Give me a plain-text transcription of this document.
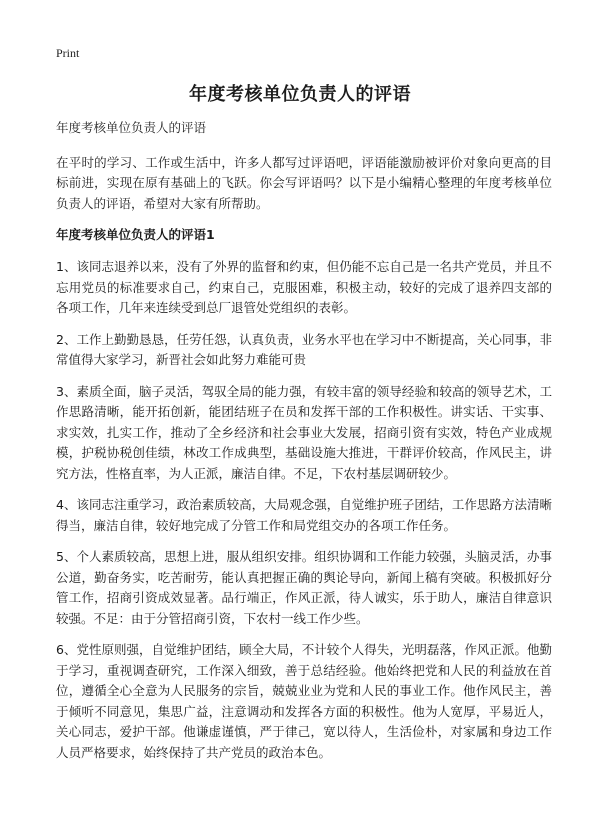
Print
年度考核单位负责人的评语

年度考核单位负责人的评语

在平时的学习、工作或生活中，许多人都写过评语吧，评语能激励被评价对象向更高的目标前进，实现在原有基础上的飞跃。你会写评语吗？以下是小编精心整理的年度考核单位负责人的评语，希望对大家有所帮助。

年度考核单位负责人的评语1

1、该同志退养以来，没有了外界的监督和约束，但仍能不忘自己是一名共产党员，并且不忘用党员的标准要求自己，约束自己，克服困难，积极主动，较好的完成了退养四支部的各项工作，几年来连续受到总厂退管处党组织的表彰。

2、工作上勤勤恳恳，任劳任怨，认真负责，业务水平也在学习中不断提高，关心同事，非常值得大家学习，新晋社会如此努力难能可贵

3、素质全面，脑子灵活，驾驭全局的能力强，有较丰富的领导经验和较高的领导艺术，工作思路清晰，能开拓创新，能团结班子在员和发挥干部的工作积极性。讲实话、干实事、求实效，扎实工作，推动了全乡经济和社会事业大发展，招商引资有实效，特色产业成规模，护税协税创佳绩，林改工作成典型，基础设施大推进，干群评价较高，作风民主，讲究方法，性格直率，为人正派，廉洁自律。不足，下农村基层调研较少。

4、该同志注重学习，政治素质较高，大局观念强，自觉维护班子团结，工作思路方法清晰得当，廉洁自律，较好地完成了分管工作和局党组交办的各项工作任务。

5、个人素质较高，思想上进，服从组织安排。组织协调和工作能力较强，头脑灵活，办事公道，勤奋务实，吃苦耐劳，能认真把握正确的舆论导向，新闻上稿有突破。积极抓好分管工作，招商引资成效显著。品行端正，作风正派，待人诚实，乐于助人，廉洁自律意识较强。不足：由于分管招商引资，下农村一线工作少些。

6、党性原则强，自觉维护团结，顾全大局，不计较个人得失，光明磊落，作风正派。他勤于学习，重视调查研究，工作深入细致，善于总结经验。他始终把党和人民的利益放在首位，遵循全心全意为人民服务的宗旨，兢兢业业为党和人民的事业工作。他作风民主，善于倾听不同意见，集思广益，注意调动和发挥各方面的积极性。他为人宽厚，平易近人，关心同志，爱护干部。他谦虚谨慎，严于律己，宽以待人，生活俭朴，对家属和身边工作人员严格要求，始终保持了共产党员的政治本色。
